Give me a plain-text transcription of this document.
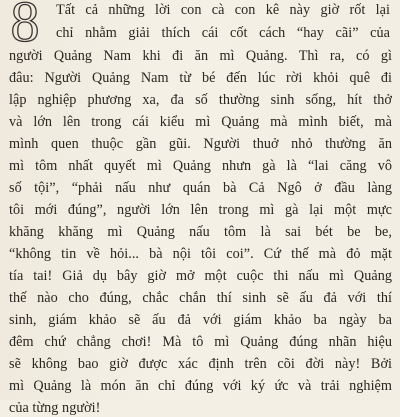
8	Tất cả những lời con cà con kê này giờ rốt lại
chỉ nhằm giải thích cái cốt cách “hay cãi” của
người Quảng Nam khi đi ăn mì Quảng. Thì ra, có gì
đâu: Người Quảng Nam từ bé đến lúc rời khỏi quê đi
lập nghiệp phương xa, đa số thường sinh sống, hít thở
và lớn lên trong cái kiểu mì Quảng mà mình biết, mà
mình quen thuộc gần gũi. Người thuở nhỏ thường ăn
mì tôm nhất quyết mì Quảng nhưn gà là “lai căng vô
số tội”, “phải nấu như quán bà Cả Ngô ở đầu làng
tôi mới đúng”, người lớn lên trong mì gà lại một mực
khăng khăng mì Quảng nấu tôm là sai bét be be,
“không tin về hỏi... bà nội tôi coi”. Cứ thế mà đỏ mặt
tía tai! Giả dụ bây giờ mở một cuộc thi nấu mì Quảng
thế nào cho đúng, chắc chắn thí sinh sẽ ấu đả với thí
sinh, giám khảo sẽ ấu đả với giám khảo ba ngày ba
đêm chứ chẳng chơi! Mà tô mì Quảng đúng nhãn hiệu
sẽ không bao giờ được xác định trên cõi đời này! Bởi
mì Quảng là món ăn chỉ đúng với ký ức và trải nghiệm
của từng người!
